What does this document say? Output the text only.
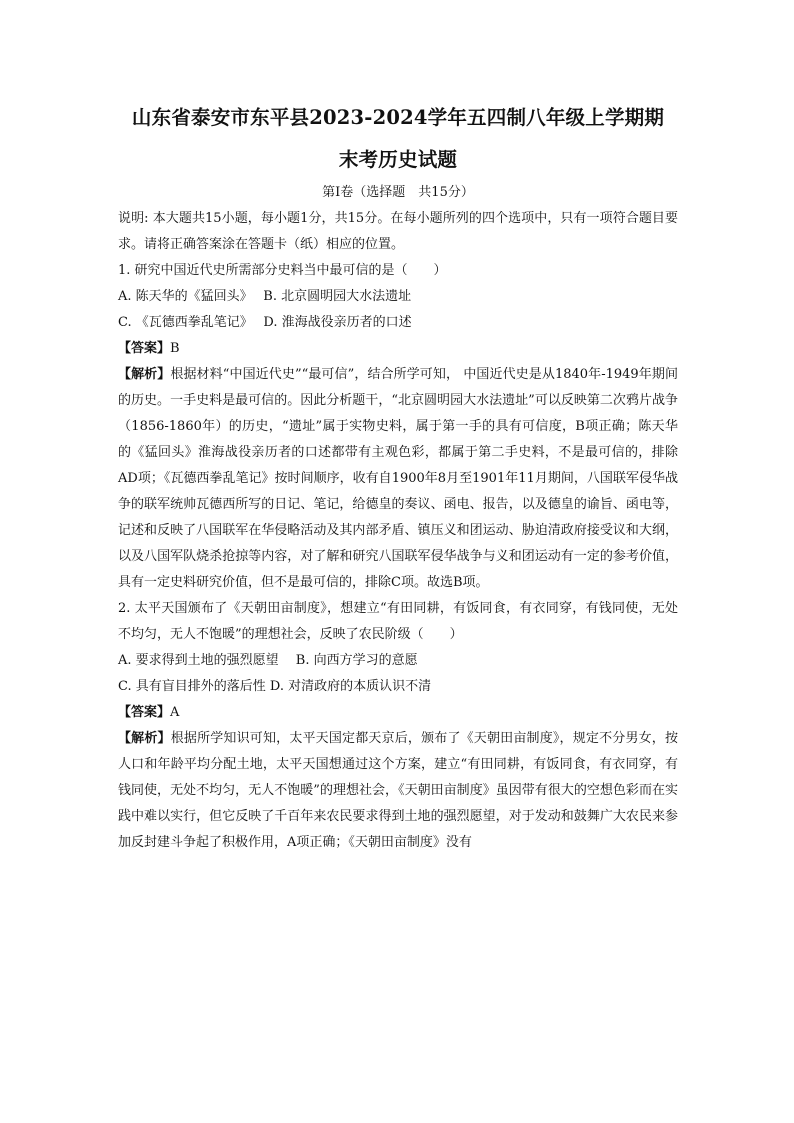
山东省泰安市东平县2023-2024学年五四制八年级上学期期
末考历史试题
第Ⅰ卷（选择题　共15分）

说明: 本大题共15小题，每小题1分，共15分。在每小题所列的四个选项中，只有一项符合题目要求。请将正确答案涂在答题卡（纸）相应的位置。

1. 研究中国近代史所需部分史料当中最可信的是（　　）

A. 陈天华的《猛回头》　 B. 北京圆明园大水法遗址

C. 《瓦德西拳乱笔记》　 D. 淮海战役亲历者的口述

【答案】B

【解析】根据材料“中国近代史”“最可信”，结合所学可知， 中国近代史是从1840年-1949年期间的历史。一手史料是最可信的。因此分析题干，“北京圆明园大水法遗址”可以反映第二次鸦片战争（1856-1860年）的历史，“遗址”属于实物史料，属于第一手的具有可信度，B项正确；陈天华的《猛回头》淮海战役亲历者的口述都带有主观色彩，都属于第二手史料，不是最可信的，排除AD项；《瓦德西拳乱笔记》按时间顺序，收有自1900年8月至1901年11月期间，八国联军侵华战争的联军统帅瓦德西所写的日记、笔记，给德皇的奏议、函电、报告，以及德皇的谕旨、函电等，记述和反映了八国联军在华侵略活动及其内部矛盾、镇压义和团运动、胁迫清政府接受议和大纲，以及八国军队烧杀抢掠等内容，对了解和研究八国联军侵华战争与义和团运动有一定的参考价值，具有一定史料研究价值，但不是最可信的，排除C项。故选B项。

2. 太平天国颁布了《天朝田亩制度》，想建立“有田同耕，有饭同食，有衣同穿，有钱同使，无处不均匀，无人不饱暖”的理想社会，反映了农民阶级（　　）

A. 要求得到土地的强烈愿望　 B. 向西方学习的意愿

C. 具有盲目排外的落后性 D. 对清政府的本质认识不清

【答案】A

【解析】根据所学知识可知，太平天国定都天京后，颁布了《天朝田亩制度》，规定不分男女，按人口和年龄平均分配土地，太平天国想通过这个方案，建立“有田同耕，有饭同食，有衣同穿，有钱同使，无处不均匀，无人不饱暖”的理想社会，《天朝田亩制度》虽因带有很大的空想色彩而在实践中难以实行，但它反映了千百年来农民要求得到土地的强烈愿望，对于发动和鼓舞广大农民来参加反封建斗争起了积极作用，A项正确；《天朝田亩制度》没有
